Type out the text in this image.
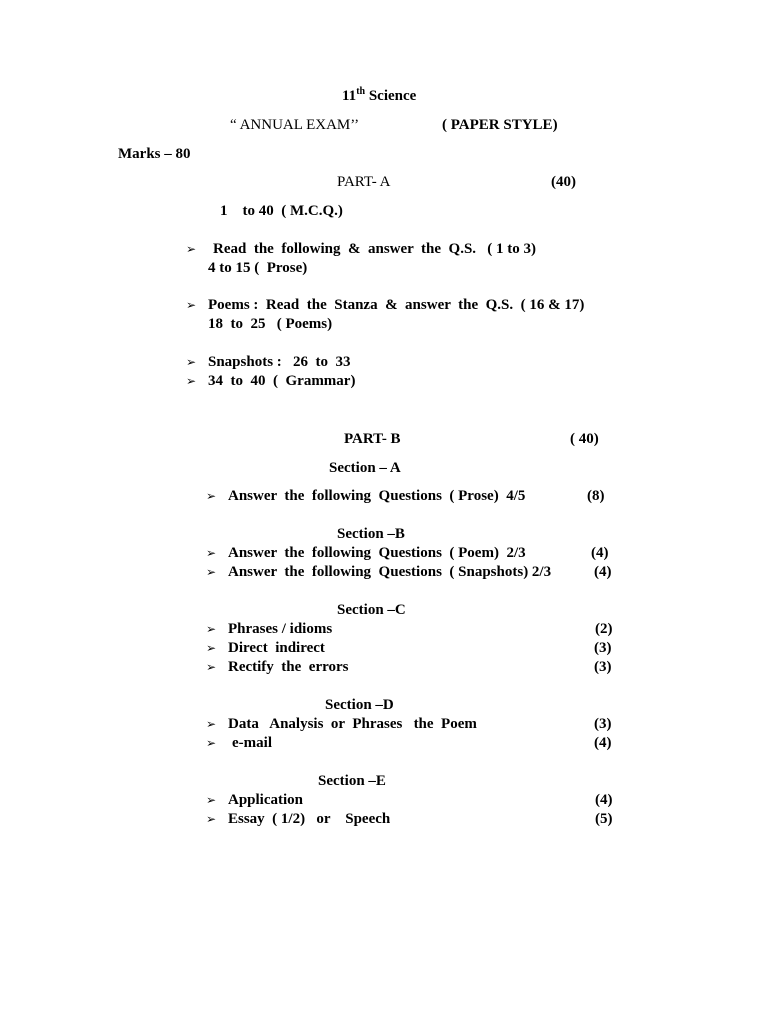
11th Science
“ ANNUAL EXAM’’	( PAPER STYLE)
Marks – 80
PART- A	(40)
1    to 40  ( M.C.Q.)
➢ Read  the  following  &  answer  the  Q.S.   ( 1 to 3)
4 to 15 (  Prose)
➢ Poems :  Read  the  Stanza  &  answer  the  Q.S.  ( 16 & 17)
18  to  25   ( Poems)
➢ Snapshots :   26  to  33
➢ 34  to  40  (  Grammar)
PART- B	( 40)
Section – A
➢ Answer  the  following  Questions  ( Prose)  4/5	(8)
Section –B
➢ Answer  the  following  Questions  ( Poem)  2/3	(4)
➢ Answer  the  following  Questions  ( Snapshots) 2/3	(4)
Section –C
➢ Phrases / idioms	(2)
➢ Direct  indirect	(3)
➢ Rectify  the  errors	(3)
Section –D
➢ Data   Analysis  or  Phrases   the  Poem	(3)
➢ e-mail	(4)
Section –E
➢ Application	(4)
➢ Essay  ( 1/2)   or    Speech	(5)
